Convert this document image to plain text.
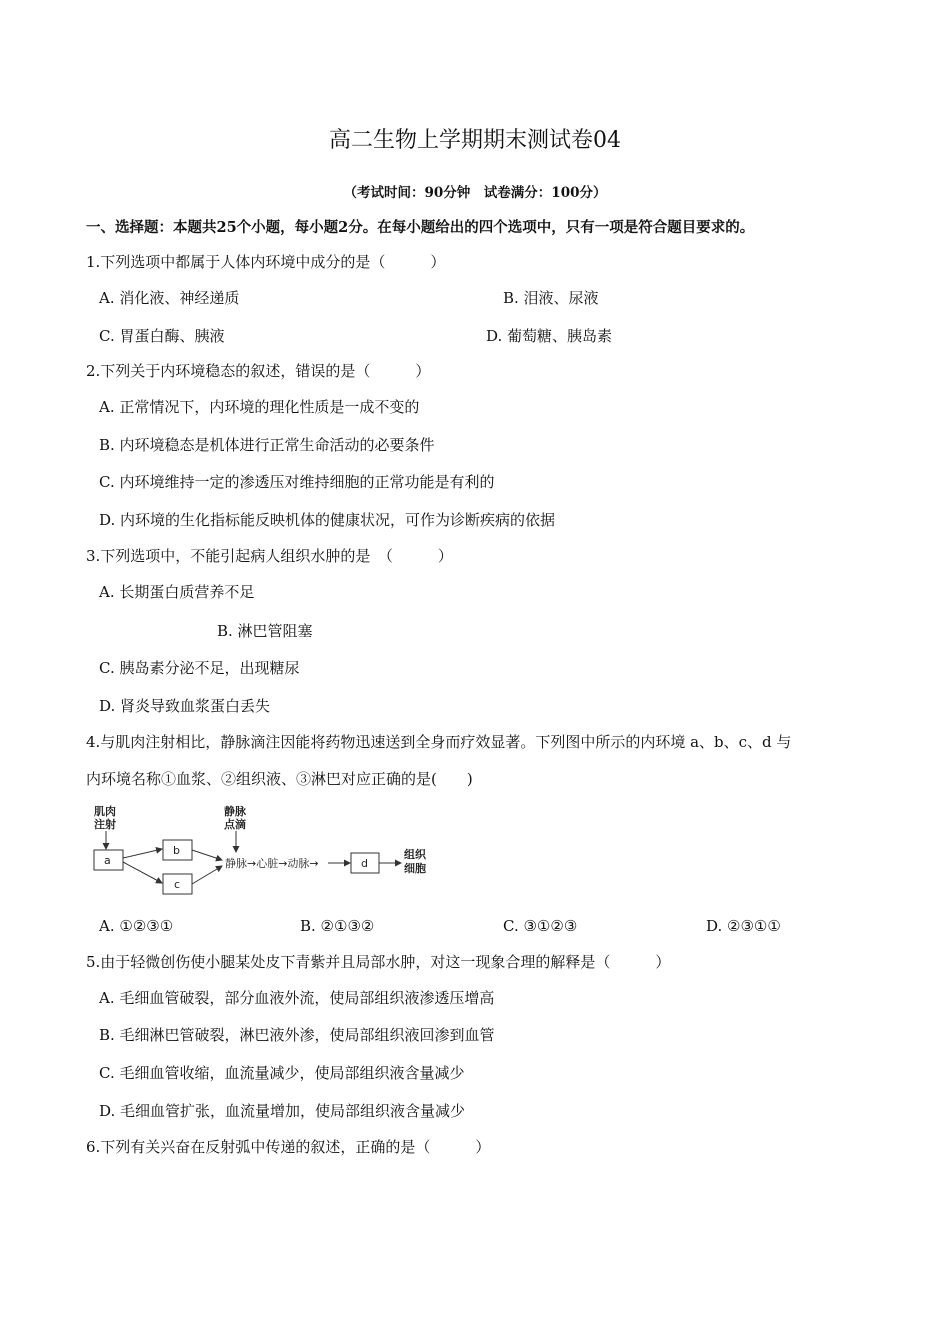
高二生物上学期期末测试卷04
（考试时间：90分钟　试卷满分：100分）
一、选择题：本题共25个小题，每小题2分。在每小题给出的四个选项中，只有一项是符合题目要求的。
1.下列选项中都属于人体内环境中成分的是（　　　）
A. 消化液、神经递质	B. 泪液、尿液
C. 胃蛋白酶、胰液	D. 葡萄糖、胰岛素
2.下列关于内环境稳态的叙述，错误的是（　　　）
A. 正常情况下，内环境的理化性质是一成不变的
B. 内环境稳态是机体进行正常生命活动的必要条件
C. 内环境维持一定的渗透压对维持细胞的正常功能是有利的
D. 内环境的生化指标能反映机体的健康状况，可作为诊断疾病的依据
3.下列选项中，不能引起病人组织水肿的是　（　　　）
A. 长期蛋白质营养不足
B. 淋巴管阻塞
C. 胰岛素分泌不足，出现糖尿
D. 肾炎导致血浆蛋白丢失
4.与肌肉注射相比，静脉滴注因能将药物迅速送到全身而疗效显著。下列图中所示的内环境 a、b、c、d 与
内环境名称①血浆、②组织液、③淋巴对应正确的是(　　)
肌肉
注射
a
b
c
静脉
点滴
静脉→心脏→动脉→	d
组织
细胞
A. ①②③①	B. ②①③②	C. ③①②③	D. ②③①①
5.由于轻微创伤使小腿某处皮下青紫并且局部水肿，对这一现象合理的解释是（　　　）
A. 毛细血管破裂，部分血液外流，使局部组织液渗透压增高
B. 毛细淋巴管破裂，淋巴液外渗，使局部组织液回渗到血管
C. 毛细血管收缩，血流量减少，使局部组织液含量减少
D. 毛细血管扩张，血流量增加，使局部组织液含量减少
6.下列有关兴奋在反射弧中传递的叙述，正确的是（　　　）
